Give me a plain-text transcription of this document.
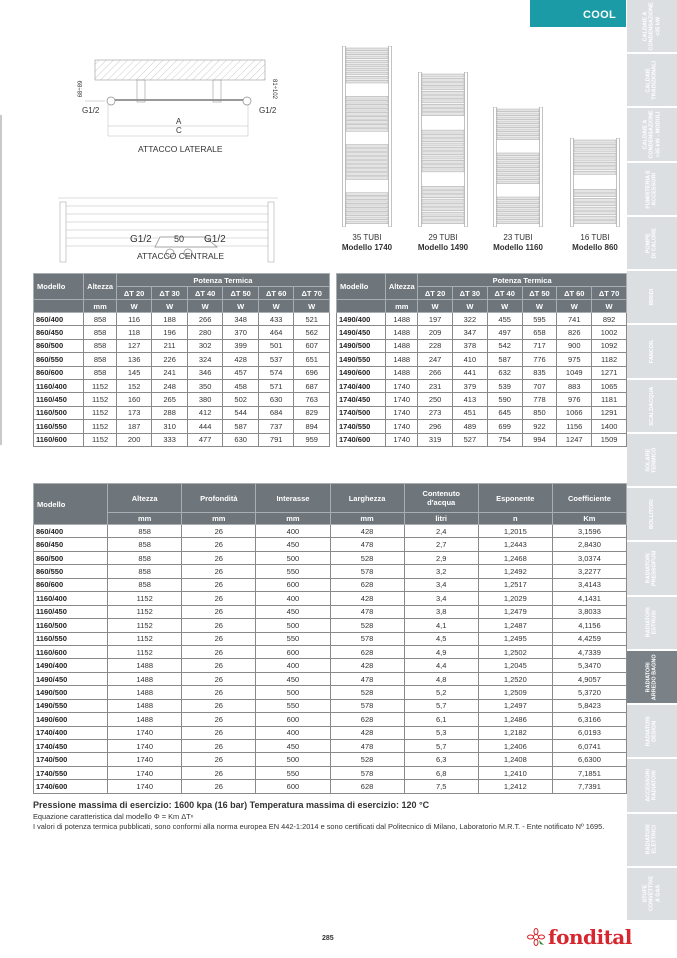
COOL
CALDAIE A
CONDENSAZIONE
<35 kW
CALDAIE
TRADIZIONALI
CALDAIE A
CONDENSAZIONE
>35 kW - MODULI
FUMISTERIA E
ACCESSORI
POMPE
DI CALORE
IBRIDI
FANCOIL
SCALDACQUA
SOLARE
TERMICO
BOLLITORI
RADIATORI
PRESSOFUSI
RADIATORI
ESTRUSI
RADIATORI
ARREDO BAGNO
RADIATORI
DESIGN
ACCESSORI
RADIATORI
RADIATORI
ELETTRICI
STUFE
CONVETTIVE
A GAS
68÷89	81÷102
G1/2	G1/2
A
C
ATTACCO LATERALE
G1/2 50 G1/2
ATTACCO CENTRALE
35 TUBI
Modello 1740
29 TUBI
Modello 1490
23 TUBI
Modello 1160
16 TUBI
Modello 860
Modello	Altezza	Potenza Termica					
		ΔT 20	ΔT 30	ΔT 40	ΔT 50	ΔT 60	ΔT 70
	mm	W	W	W	W	W	W
860/400	858	116	188	266	348	433	521
860/450	858	118	196	280	370	464	562
860/500	858	127	211	302	399	501	607
860/550	858	136	226	324	428	537	651
860/600	858	145	241	346	457	574	696
1160/400	1152	152	248	350	458	571	687
1160/450	1152	160	265	380	502	630	763
1160/500	1152	173	288	412	544	684	829
1160/550	1152	187	310	444	587	737	894
1160/600	1152	200	333	477	630	791	959
Modello	Altezza	Potenza Termica					
		ΔT 20	ΔT 30	ΔT 40	ΔT 50	ΔT 60	ΔT 70
	mm	W	W	W	W	W	W
1490/400	1488	197	322	455	595	741	892
1490/450	1488	209	347	497	658	826	1002
1490/500	1488	228	378	542	717	900	1092
1490/550	1488	247	410	587	776	975	1182
1490/600	1488	266	441	632	835	1049	1271
1740/400	1740	231	379	539	707	883	1065
1740/450	1740	250	413	590	778	976	1181
1740/500	1740	273	451	645	850	1066	1291
1740/550	1740	296	489	699	922	1156	1400
1740/600	1740	319	527	754	994	1247	1509
Modello	Altezza	Profondità	Interasse	Larghezza	Contenuto d'acqua	Esponente	Coefficiente
	mm	mm	mm	mm	litri	n	Km
860/400	858	26	400	428	2,4	1,2015	3,1596
860/450	858	26	450	478	2,7	1,2443	2,8430
860/500	858	26	500	528	2,9	1,2468	3,0374
860/550	858	26	550	578	3,2	1,2492	3,2277
860/600	858	26	600	628	3,4	1,2517	3,4143
1160/400	1152	26	400	428	3,4	1,2029	4,1431
1160/450	1152	26	450	478	3,8	1,2479	3,8033
1160/500	1152	26	500	528	4,1	1,2487	4,1156
1160/550	1152	26	550	578	4,5	1,2495	4,4259
1160/600	1152	26	600	628	4,9	1,2502	4,7339
1490/400	1488	26	400	428	4,4	1,2045	5,3470
1490/450	1488	26	450	478	4,8	1,2520	4,9057
1490/500	1488	26	500	528	5,2	1,2509	5,3720
1490/550	1488	26	550	578	5,7	1,2497	5,8423
1490/600	1488	26	600	628	6,1	1,2486	6,3166
1740/400	1740	26	400	428	5,3	1,2182	6,0193
1740/450	1740	26	450	478	5,7	1,2406	6,0741
1740/500	1740	26	500	528	6,3	1,2408	6,6300
1740/550	1740	26	550	578	6,8	1,2410	7,1851
1740/600	1740	26	600	628	7,5	1,2412	7,7391
Pressione massima di esercizio: 1600 kpa (16 bar) Temperatura massima di esercizio: 120 °C
Equazione caratteristica dal modello Φ = Km ΔTⁿ
I valori di potenza termica pubblicati, sono conformi alla norma europea EN 442-1:2014 e sono certificati dal Politecnico di Milano, Laboratorio M.R.T. - Ente notificato Nº 1695.
285	fondital
